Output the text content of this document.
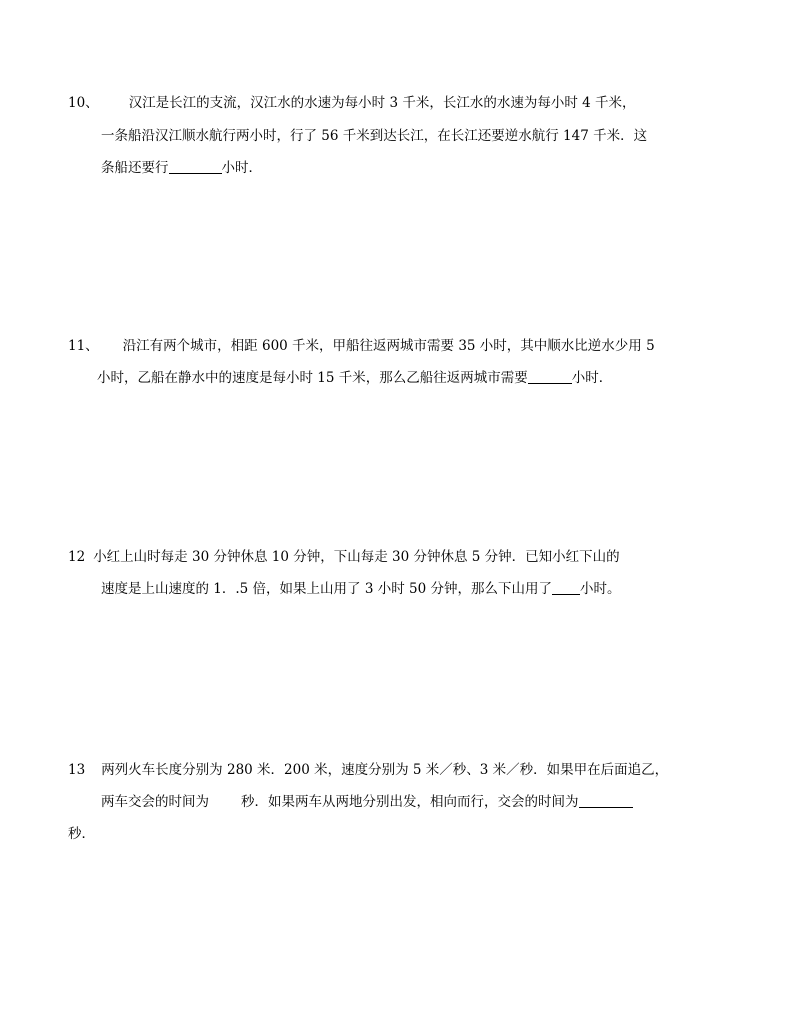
10、 汉江是长江的支流，汉江水的水速为每小时 3 千米，长江水的水速为每小时 4 千米，
一条船沿汉江顺水航行两小时，行了 56 千米到达长江，在长江还要逆水航行 147 千米．这
条船还要行	小时．
11、 沿江有两个城市，相距 600 千米，甲船往返两城市需要 35 小时，其中顺水比逆水少用 5
小时，乙船在静水中的速度是每小时 15 千米，那么乙船往返两城市需要	小时．
12 小红上山时每走 30 分钟休息 10 分钟，下山每走 30 分钟休息 5 分钟．已知小红下山的
速度是上山速度的 1．.5 倍，如果上山用了 3 小时 50 分钟，那么下山用了 小时。
13 两列火车长度分别为 280 米．200 米，速度分别为 5 米／秒、3 米／秒．如果甲在后面追乙，
两车交会的时间为 秒．如果两车从两地分别出发，相向而行，交会的时间为
秒．
